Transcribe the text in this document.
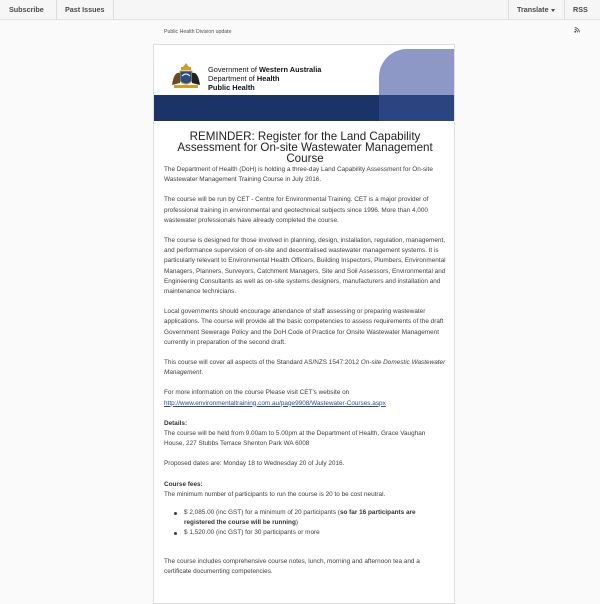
Subscribe	Past Issues	Translate	RSS
Public Health Division update
Government of Western Australia
Department of Health
Public Health
REMINDER: Register for the Land Capability Assessment for On-site Wastewater Management Course

The Department of Health (DoH) is holding a three-day Land Capability Assessment for On-site Wastewater Management Training Course in July 2016.

The course will be run by CET - Centre for Environmental Training. CET is a major provider of professional training in environmental and geotechnical subjects since 1996. More than 4,000 wastewater professionals have already completed the course.

The course is designed for those involved in planning, design, installation, regulation, management, and performance supervision of on-site and decentralised wastewater management systems. It is particularly relevant to Environmental Health Officers, Building Inspectors, Plumbers, Environmental Managers, Planners, Surveyors, Catchment Managers, Site and Soil Assessors, Environmental and Engineering Consultants as well as on-site systems designers, manufacturers and installation and maintenance technicians.

Local governments should encourage attendance of staff assessing or preparing wastewater applications. The course will provide all the basic competencies to assess requirements of the draft Government Sewerage Policy and the DoH Code of Practice for Onsite Wastewater Management currently in preparation of the second draft.

This course will cover all aspects of the Standard AS/NZS 1547:2012 On-site Domestic Wastewater Management.

For more information on the course Please visit CET's website on
http://www.environmentaltraining.com.au/page9908/Wastewater-Courses.aspx

Details:
The course will be held from 9.00am to 5.00pm at the Department of Health, Grace Vaughan House, 227 Stubbs Terrace Shenton Park WA 6008

Proposed dates are: Monday 18 to Wednesday 20 of July 2016.

Course fees:
The minimum number of participants to run the course is 20 to be cost neutral.

$ 2,085.00 (inc GST) for a minimum of 20 participants (so far 16 participants are registered the course will be running)
$ 1,520.00 (inc GST) for 30 participants or more

The course includes comprehensive course notes, lunch, morning and afternoon tea and a certificate documenting competencies.
